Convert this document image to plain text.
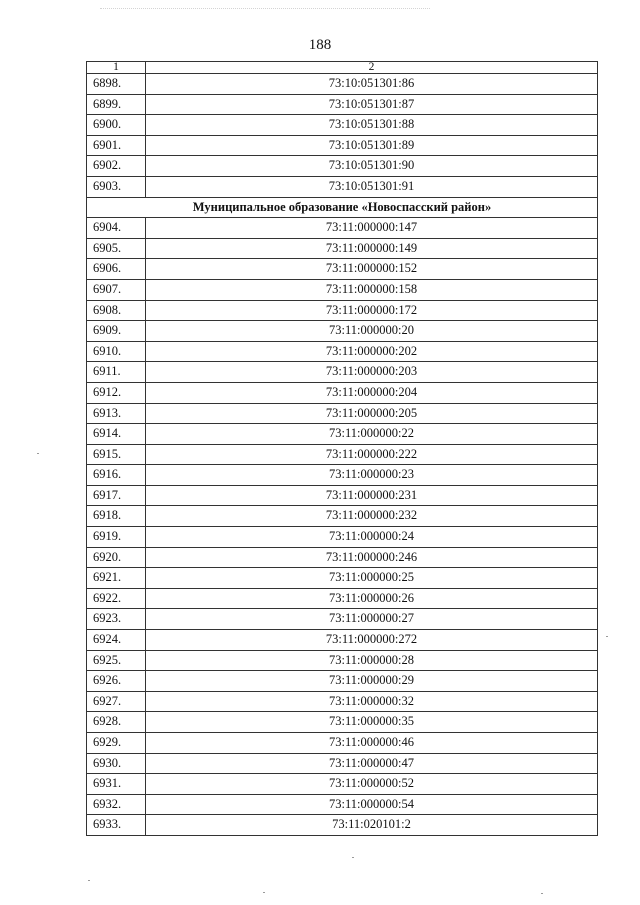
188
1	2
6898.	73:10:051301:86
6899.	73:10:051301:87
6900.	73:10:051301:88
6901.	73:10:051301:89
6902.	73:10:051301:90
6903.	73:10:051301:91
Муниципальное образование «Новоспасский район»	
6904.	73:11:000000:147
6905.	73:11:000000:149
6906.	73:11:000000:152
6907.	73:11:000000:158
6908.	73:11:000000:172
6909.	73:11:000000:20
6910.	73:11:000000:202
6911.	73:11:000000:203
6912.	73:11:000000:204
6913.	73:11:000000:205
6914.	73:11:000000:22
6915.	73:11:000000:222
6916.	73:11:000000:23
6917.	73:11:000000:231
6918.	73:11:000000:232
6919.	73:11:000000:24
6920.	73:11:000000:246
6921.	73:11:000000:25
6922.	73:11:000000:26
6923.	73:11:000000:27
6924.	73:11:000000:272
6925.	73:11:000000:28
6926.	73:11:000000:29
6927.	73:11:000000:32
6928.	73:11:000000:35
6929.	73:11:000000:46
6930.	73:11:000000:47
6931.	73:11:000000:52
6932.	73:11:000000:54
6933.	73:11:020101:2
